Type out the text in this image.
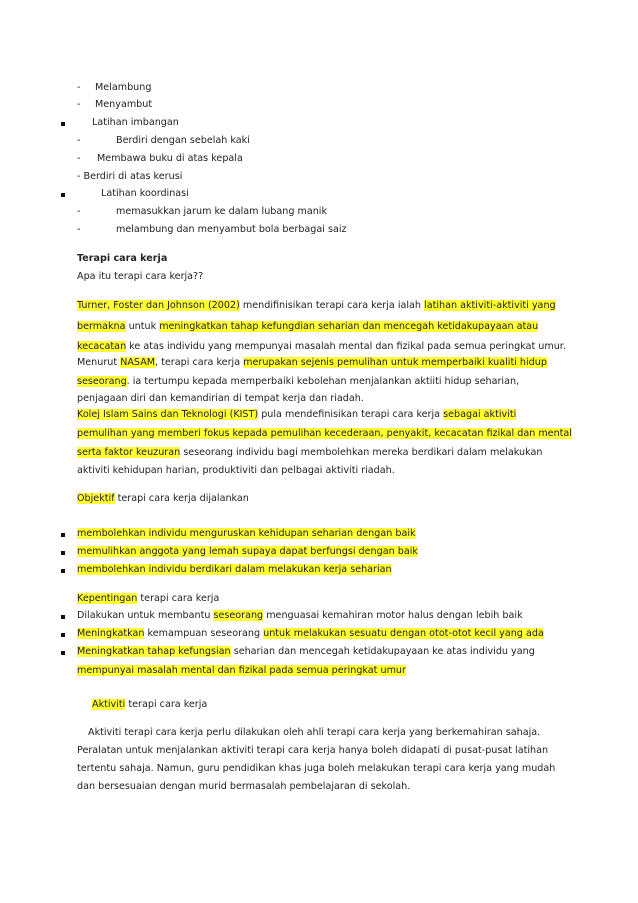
- Melambung
- Menyambut
Latihan imbangan
-	Berdiri dengan sebelah kaki
- Membawa buku di atas kepala
- Berdiri di atas kerusi
Latihan koordinasi
-	memasukkan jarum ke dalam lubang manik
-	melambung dan menyambut bola berbagai saiz
Terapi cara kerja
Apa itu terapi cara kerja??
Turner, Foster dan Johnson (2002) mendifinisikan terapi cara kerja ialah latihan aktiviti-aktiviti yang
bermakna untuk meningkatkan tahap kefungdian seharian dan mencegah ketidakupayaan atau
kecacatan ke atas individu yang mempunyai masalah mental dan fizikal pada semua peringkat umur.
Menurut NASAM, terapi cara kerja merupakan sejenis pemulihan untuk memperbaiki kualiti hidup
seseorang. ia tertumpu kepada memperbaiki kebolehan menjalankan aktiiti hidup seharian,
penjagaan diri dan kemandirian di tempat kerja dan riadah.
Kolej Islam Sains dan Teknologi (KIST) pula mendefinisikan terapi cara kerja sebagai aktiviti
pemulihan yang memberi fokus kepada pemulihan kecederaan, penyakit, kecacatan fizikal dan mental
serta faktor keuzuran seseorang individu bagi membolehkan mereka berdikari dalam melakukan
aktiviti kehidupan harian, produktiviti dan pelbagai aktiviti riadah.
Objektif terapi cara kerja dijalankan
membolehkan individu menguruskan kehidupan seharian dengan baik
memulihkan anggota yang lemah supaya dapat berfungsi dengan baik
membolehkan individu berdikari dalam melakukan kerja seharian
Kepentingan terapi cara kerja
Dilakukan untuk membantu seseorang menguasai kemahiran motor halus dengan lebih baik
Meningkatkan kemampuan seseorang untuk melakukan sesuatu dengan otot-otot kecil yang ada
Meningkatkan tahap kefungsian seharian dan mencegah ketidakupayaan ke atas individu yang
mempunyai masalah mental dan fizikal pada semua peringkat umur
Aktiviti terapi cara kerja
Aktiviti terapi cara kerja perlu dilakukan oleh ahli terapi cara kerja yang berkemahiran sahaja.
Peralatan untuk menjalankan aktiviti terapi cara kerja hanya boleh didapati di pusat-pusat latihan
tertentu sahaja. Namun, guru pendidikan khas juga boleh melakukan terapi cara kerja yang mudah
dan bersesuaian dengan murid bermasalah pembelajaran di sekolah.
